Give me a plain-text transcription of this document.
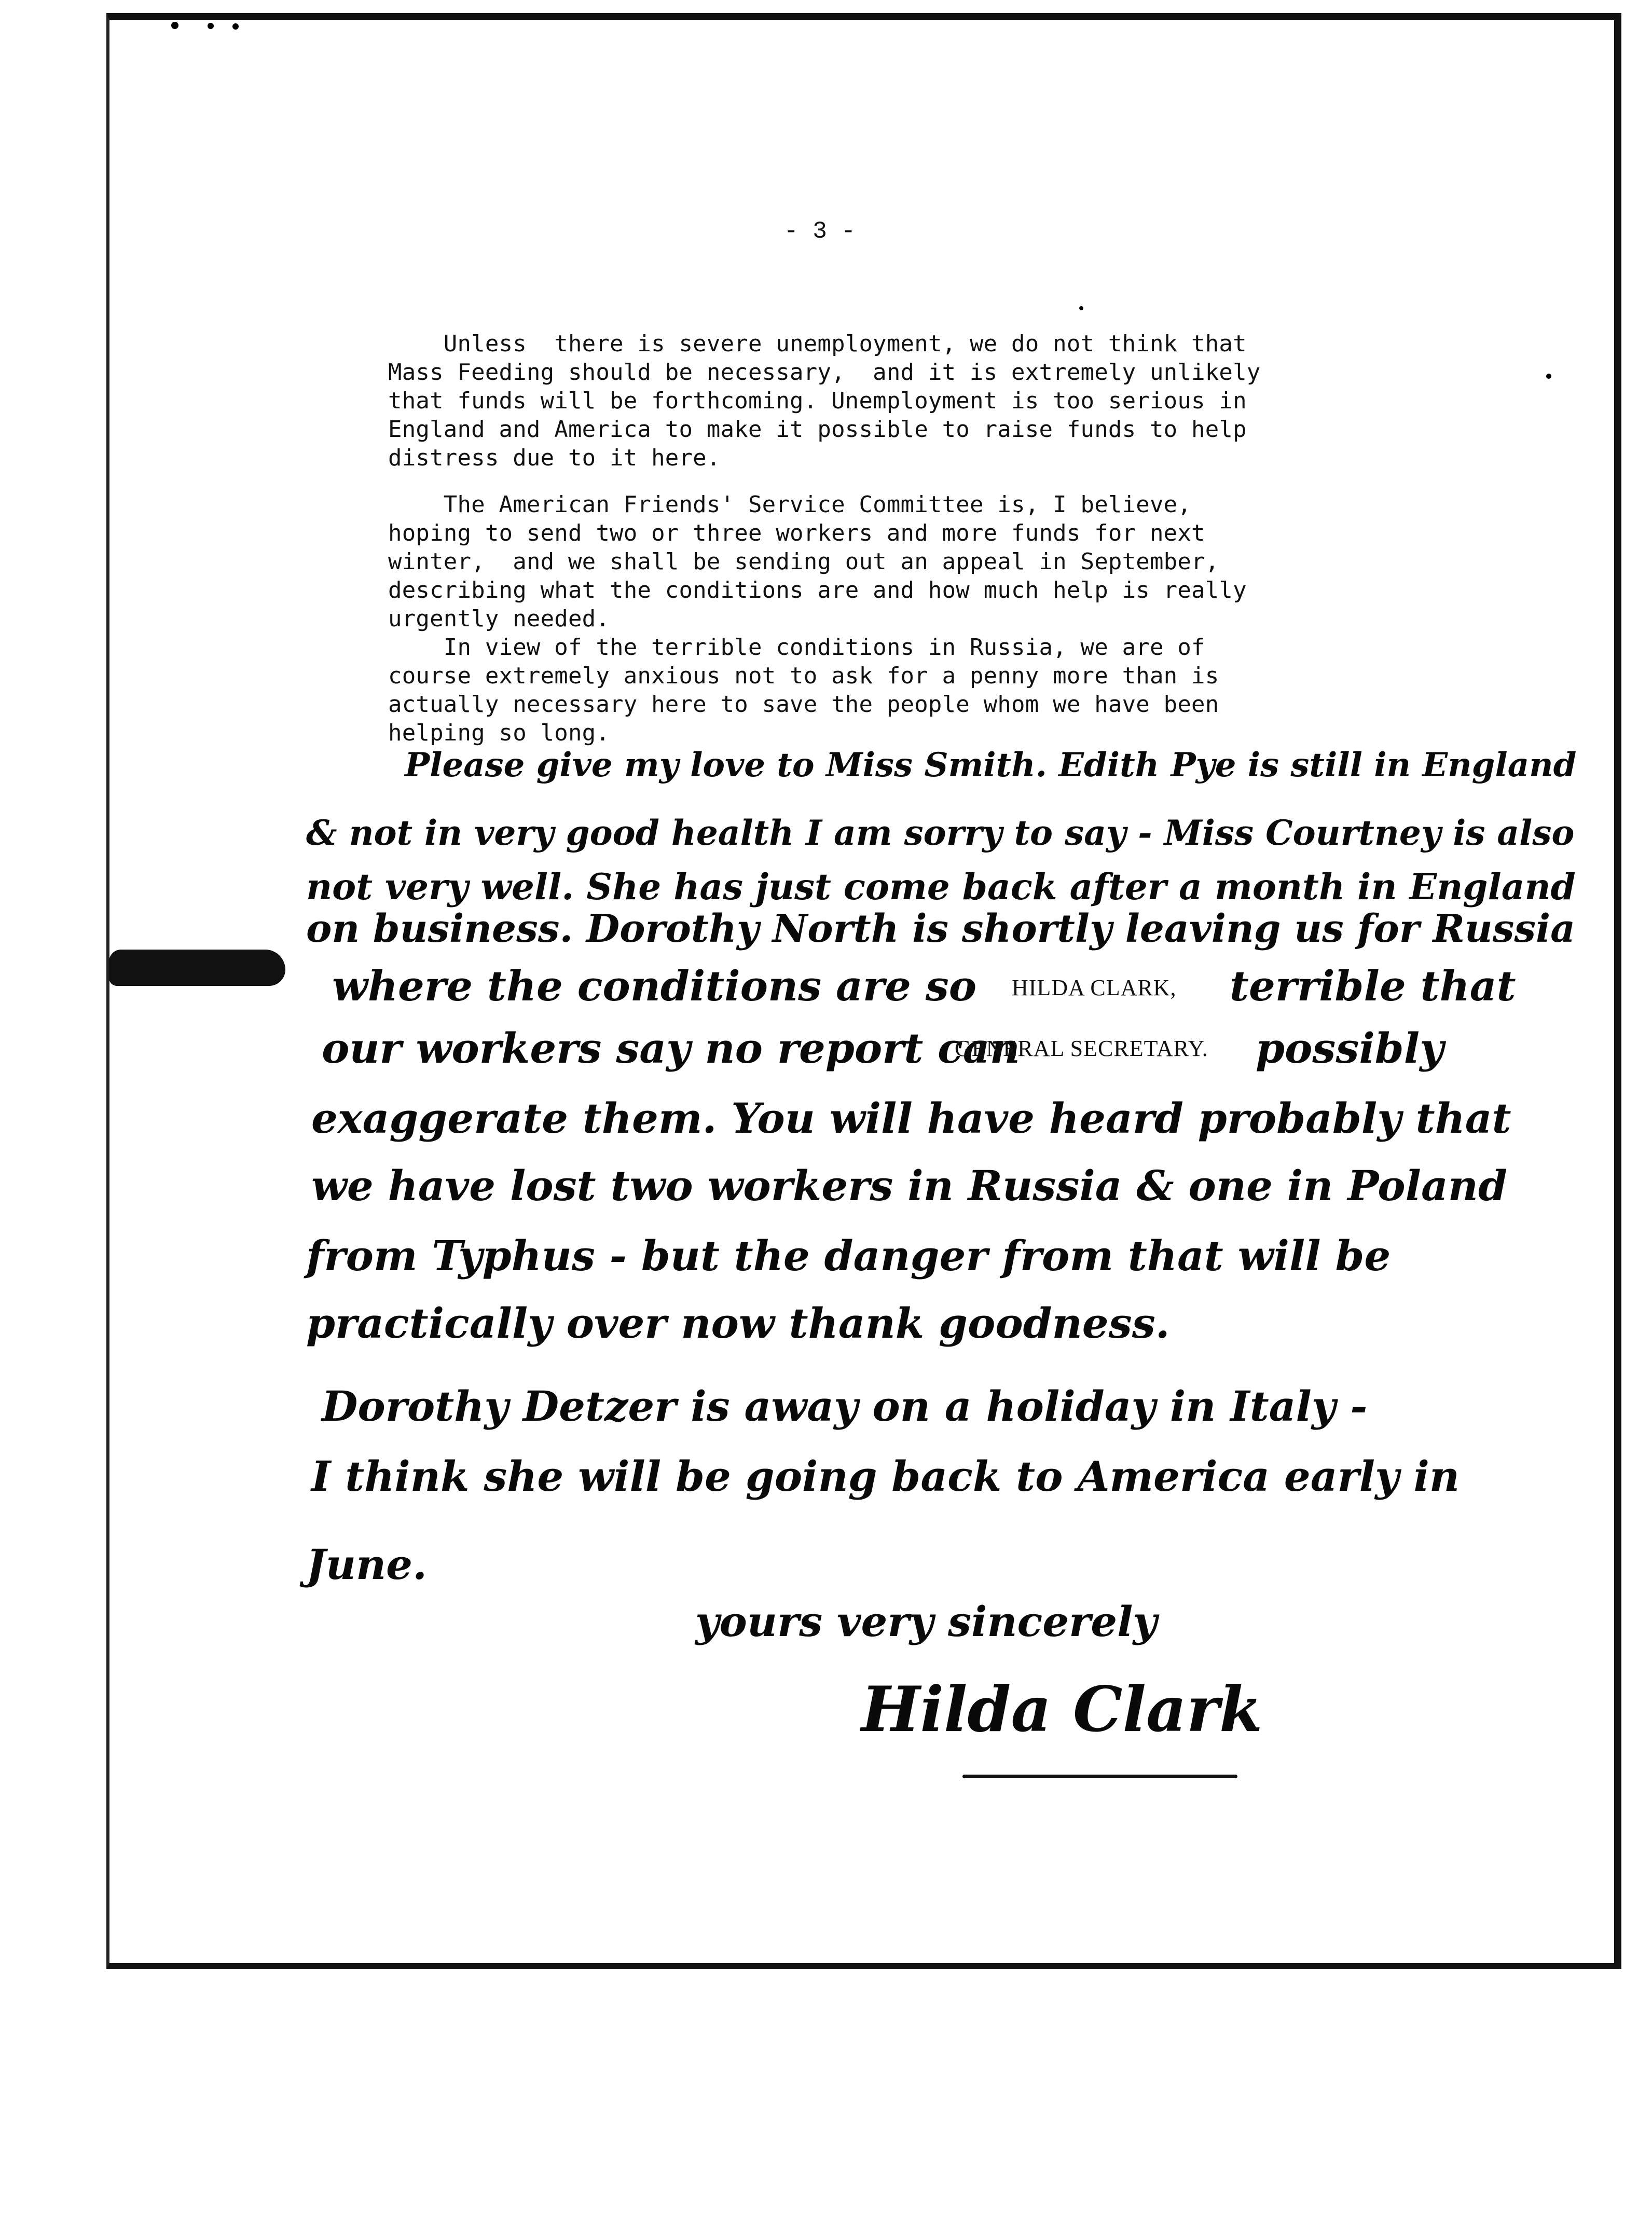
- 3 -
Unless  there is severe unemployment, we do not think that
Mass Feeding should be necessary,  and it is extremely unlikely
that funds will be forthcoming. Unemployment is too serious in
England and America to make it possible to raise funds to help
distress due to it here.
The American Friends' Service Committee is, I believe,
hoping to send two or three workers and more funds for next
winter,  and we shall be sending out an appeal in September,
describing what the conditions are and how much help is really
urgently needed.
In view of the terrible conditions in Russia, we are of
course extremely anxious not to ask for a penny more than is
actually necessary here to save the people whom we have been
helping so long.
Please give my love to Miss Smith. Edith Pye is still in England
& not in very good health I am sorry to say - Miss Courtney is also
not very well. She has just come back after a month in England
on business. Dorothy North is shortly leaving us for Russia
where the conditions are so	terrible that
our workers say no report can	possibly
exaggerate them. You will have heard probably that
we have lost two workers in Russia & one in Poland
from Typhus - but the danger from that will be
practically over now thank goodness.
Dorothy Detzer is away on a holiday in Italy -
I think she will be going back to America early in
June.
HILDA CLARK,
GENERAL SECRETARY.
yours very sincerely
Hilda Clark
